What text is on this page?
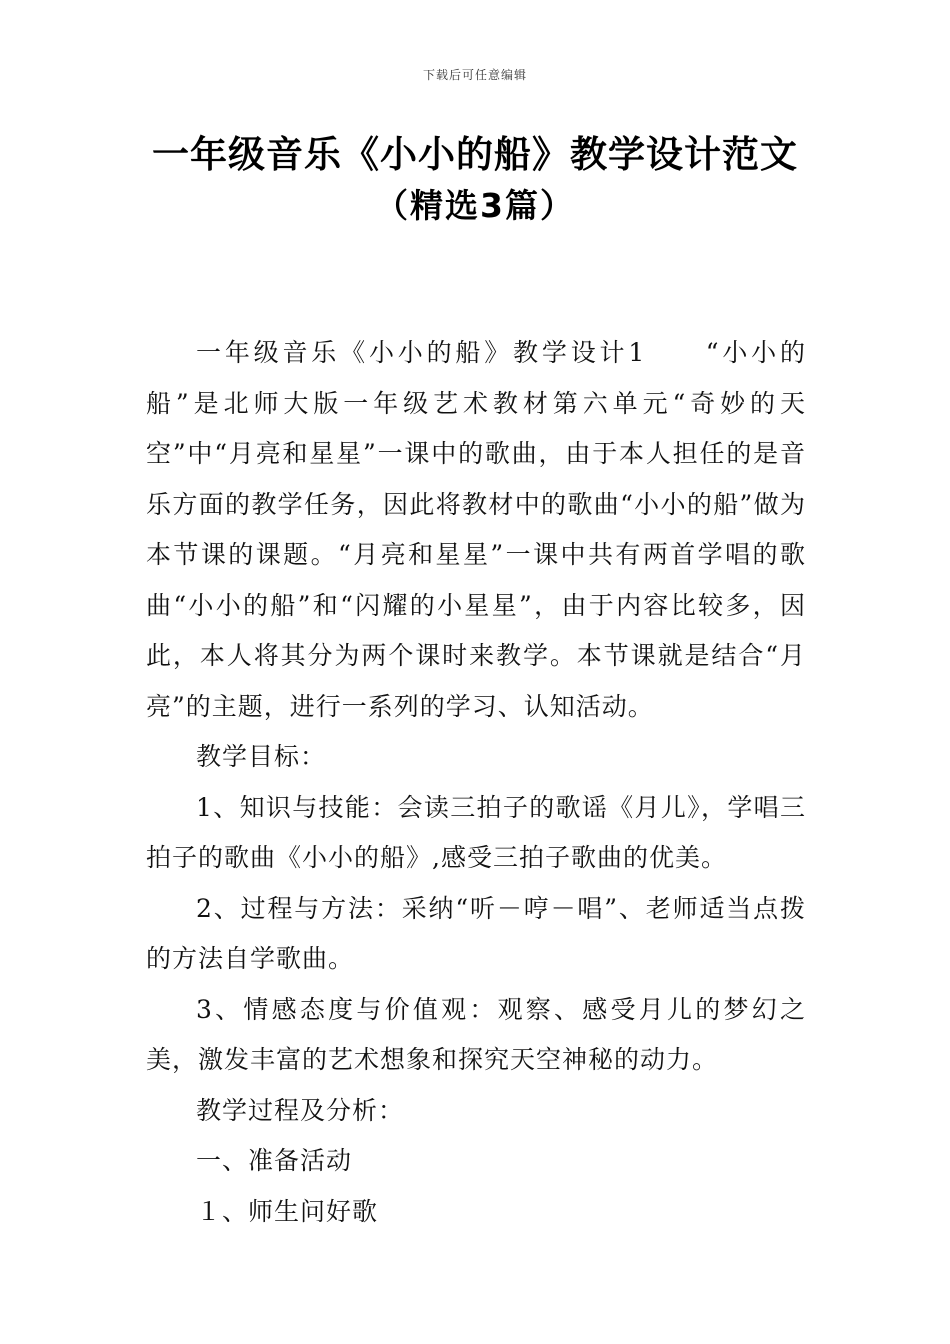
下载后可任意编辑
一年级音乐《小小的船》教学设计范文
（精选3篇）

一年级音乐《小小的船》教学设计1　　“小小的船”是北师大版一年级艺术教材第六单元“奇妙的天空”中“月亮和星星”一课中的歌曲，由于本人担任的是音乐方面的教学任务，因此将教材中的歌曲“小小的船”做为本节课的课题。“月亮和星星”一课中共有两首学唱的歌曲“小小的船”和“闪耀的小星星”，由于内容比较多，因此，本人将其分为两个课时来教学。本节课就是结合“月亮”的主题，进行一系列的学习、认知活动。

教学目标：

1、知识与技能：会读三拍子的歌谣《月儿》，学唱三拍子的歌曲《小小的船》,感受三拍子歌曲的优美。

2、过程与方法：采纳“听－哼－唱”、老师适当点拨的方法自学歌曲。

3、情感态度与价值观：观察、感受月儿的梦幻之美，激发丰富的艺术想象和探究天空神秘的动力。

教学过程及分析：

一、准备活动

１、师生问好歌
